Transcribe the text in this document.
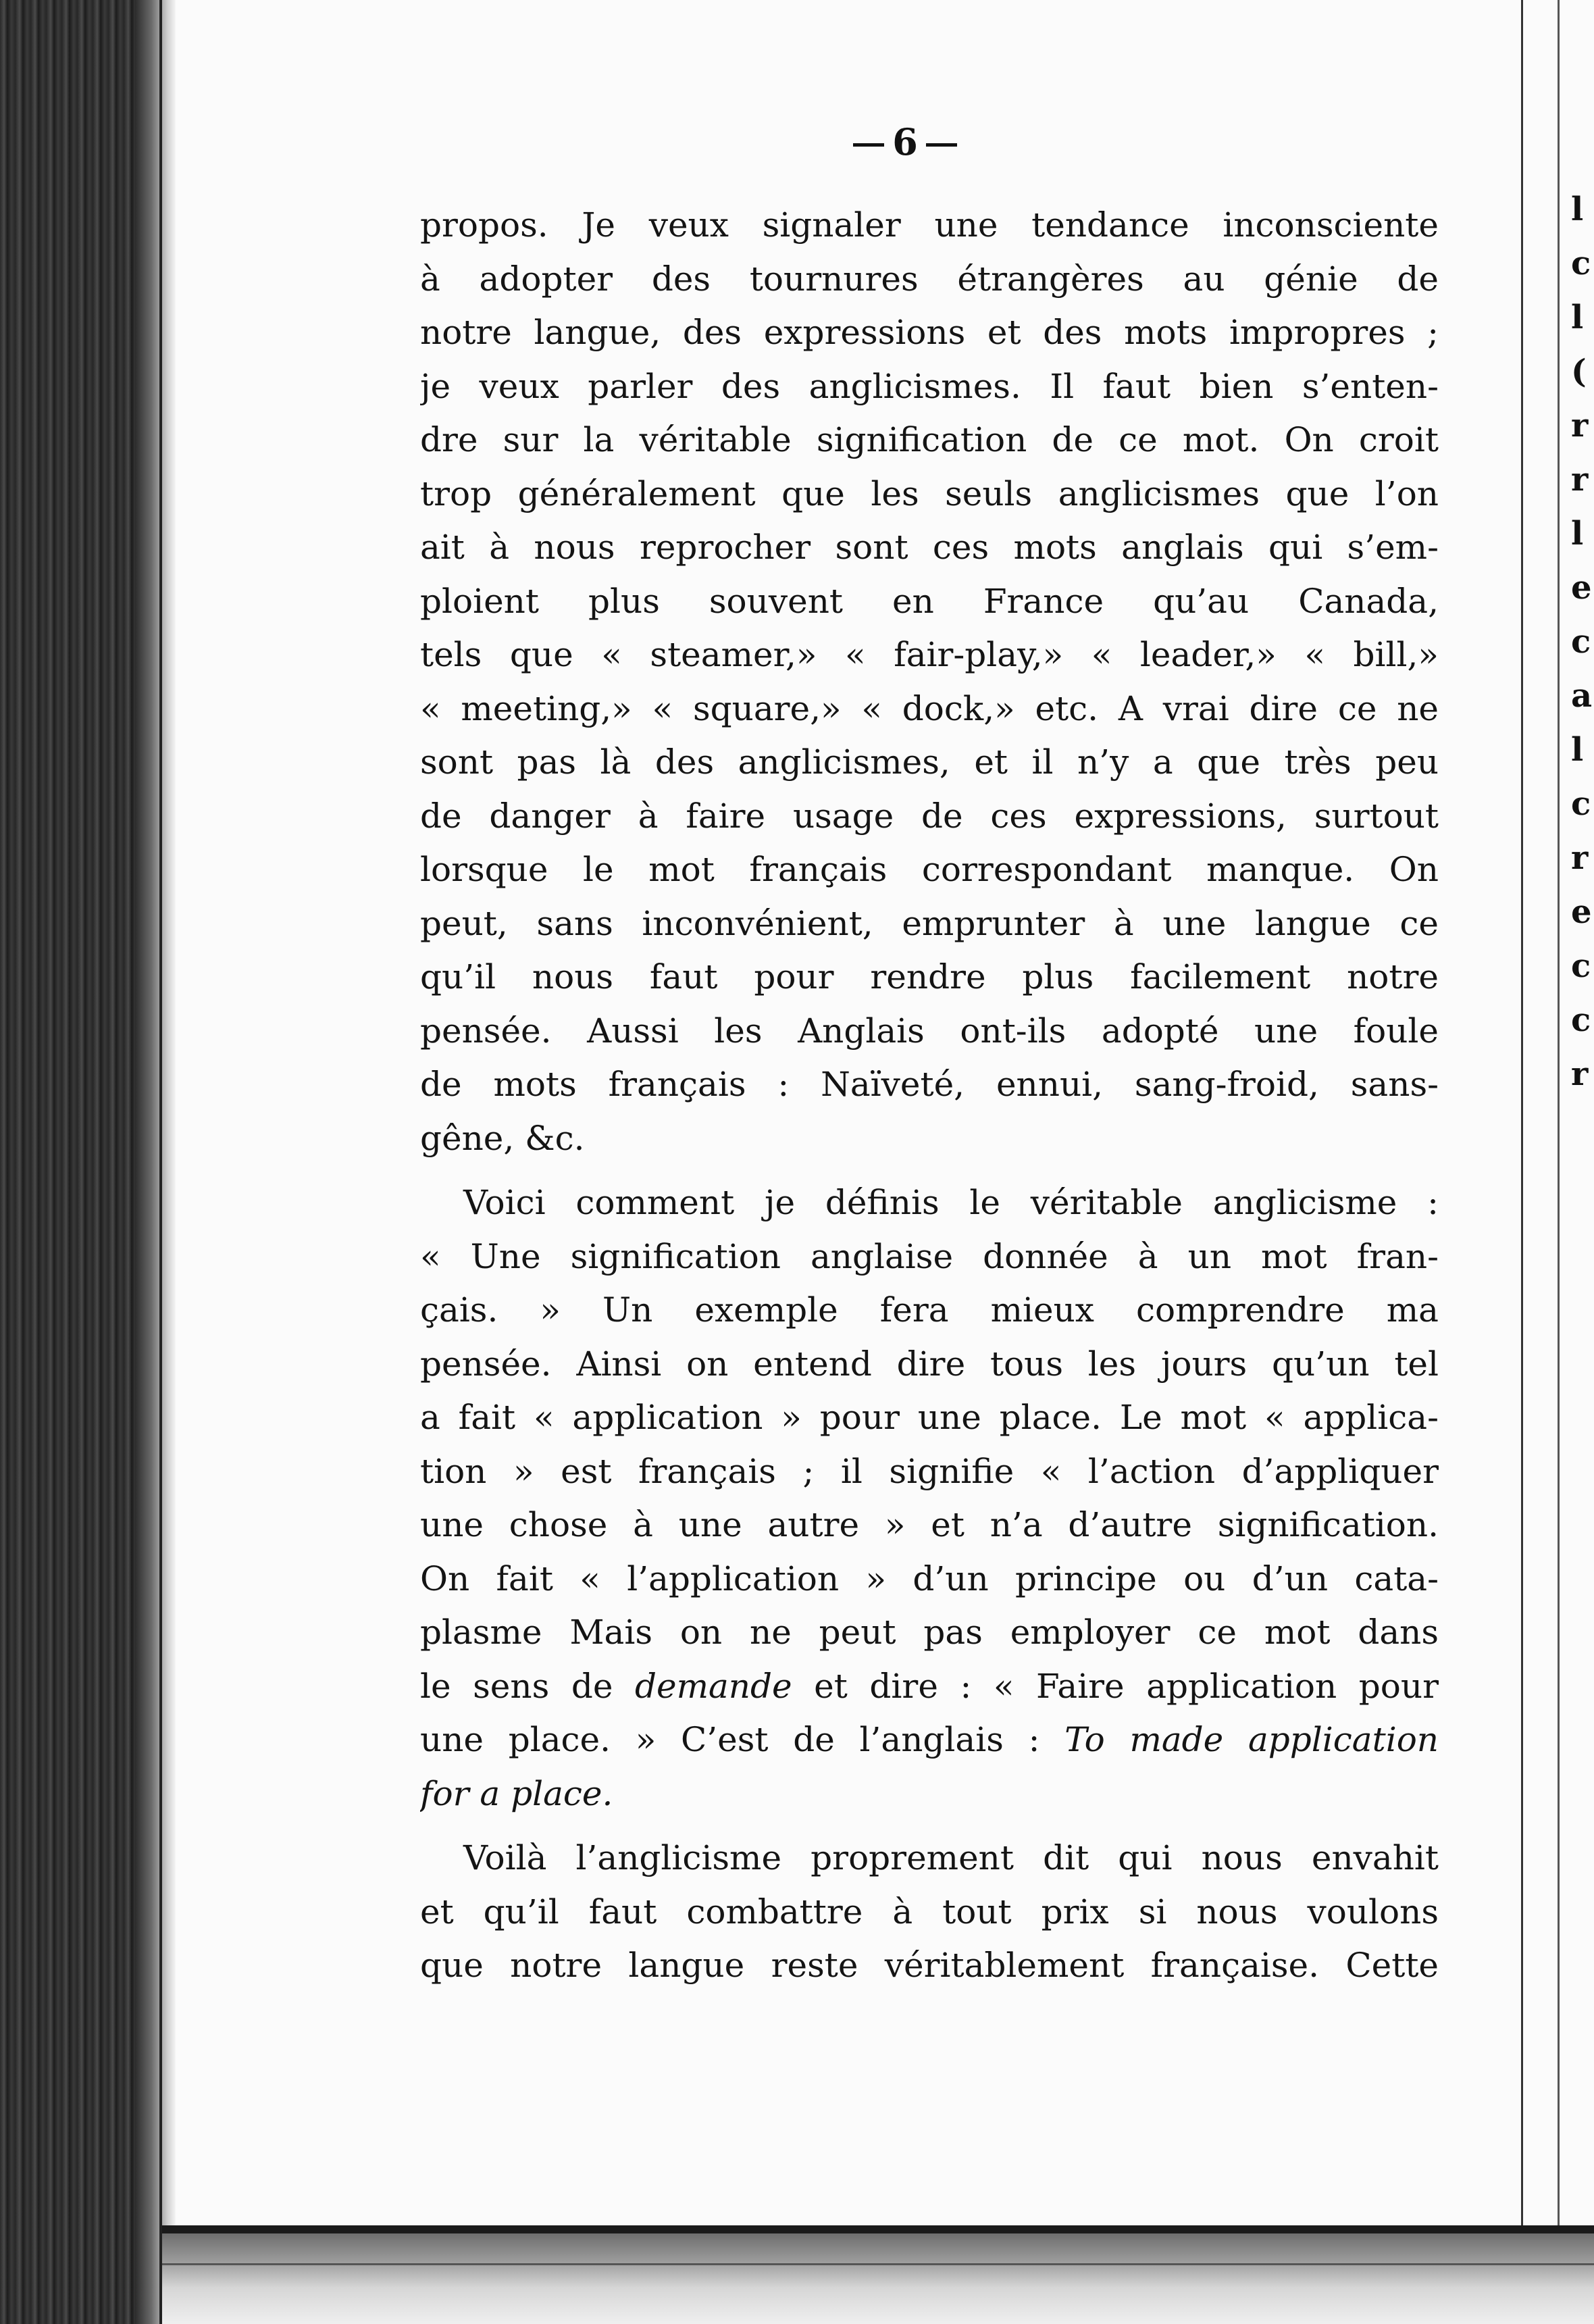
l
c
l
(
r
r
l
e
c
a
l
c
r
e
c
c
r
6
propos. Je veux signaler une tendance inconsciente
à adopter des tournures étrangères au génie de
notre langue, des expressions et des mots impropres ;
je veux parler des anglicismes. Il faut bien s’enten-
dre sur la véritable signification de ce mot. On croit
trop généralement que les seuls anglicismes que l’on
ait à nous reprocher sont ces mots anglais qui s’em-
ploient plus souvent en France qu’au Canada,
tels que « steamer,» « fair-play,» « leader,» « bill,»
« meeting,» « square,» « dock,» etc. A vrai dire ce ne
sont pas là des anglicismes, et il n’y a que très peu
de danger à faire usage de ces expressions, surtout
lorsque le mot français correspondant manque. On
peut, sans inconvénient, emprunter à une langue ce
qu’il nous faut pour rendre plus facilement notre
pensée. Aussi les Anglais ont-ils adopté une foule
de mots français : Naïveté, ennui, sang-froid, sans-
gêne, &c.
Voici comment je définis le véritable anglicisme :
« Une signification anglaise donnée à un mot fran-
çais. » Un exemple fera mieux comprendre ma
pensée. Ainsi on entend dire tous les jours qu’un tel
a fait « application » pour une place. Le mot « applica-
tion » est français ; il signifie « l’action d’appliquer
une chose à une autre » et n’a d’autre signification.
On fait « l’application » d’un principe ou d’un cata-
plasme Mais on ne peut pas employer ce mot dans
le sens de demande et dire : « Faire application pour
une place. » C’est de l’anglais : To made application
for a place.
Voilà l’anglicisme proprement dit qui nous envahit
et qu’il faut combattre à tout prix si nous voulons
que notre langue reste véritablement française. Cette
